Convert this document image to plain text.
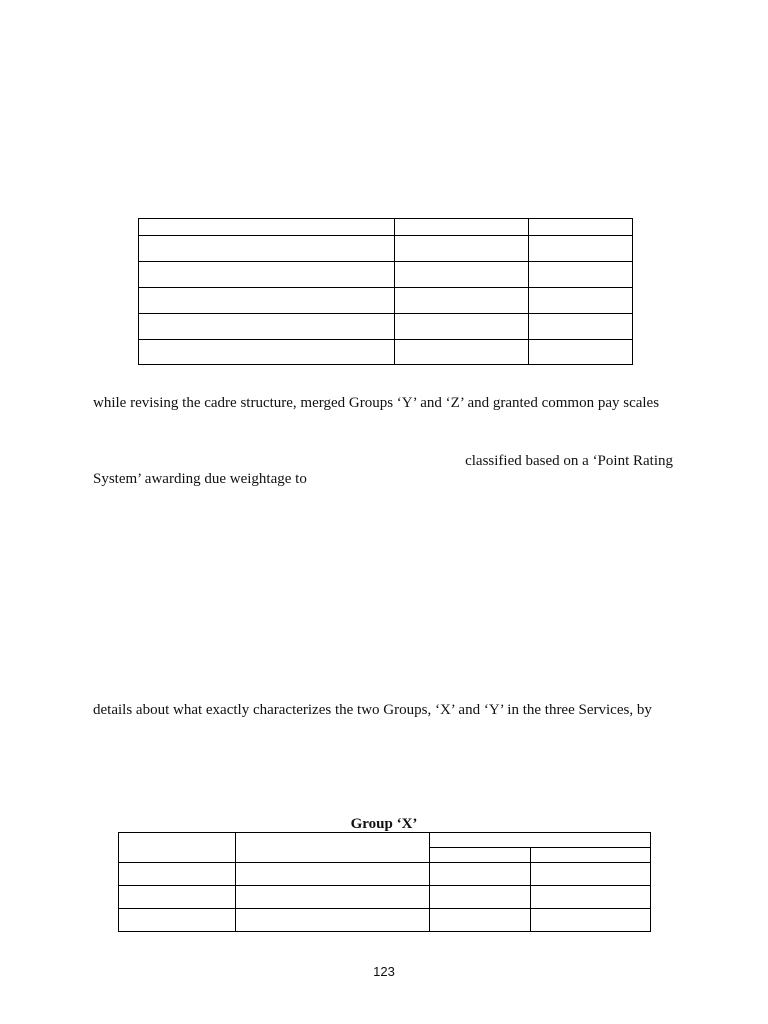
while revising the cadre structure, merged Groups ‘Y’ and ‘Z’ and granted common pay scales
classified based on a ‘Point Rating
System’ awarding due weightage to
details about what exactly characterizes the two Groups, ‘X’ and ‘Y’ in the three Services, by
Group ‘X’

123
